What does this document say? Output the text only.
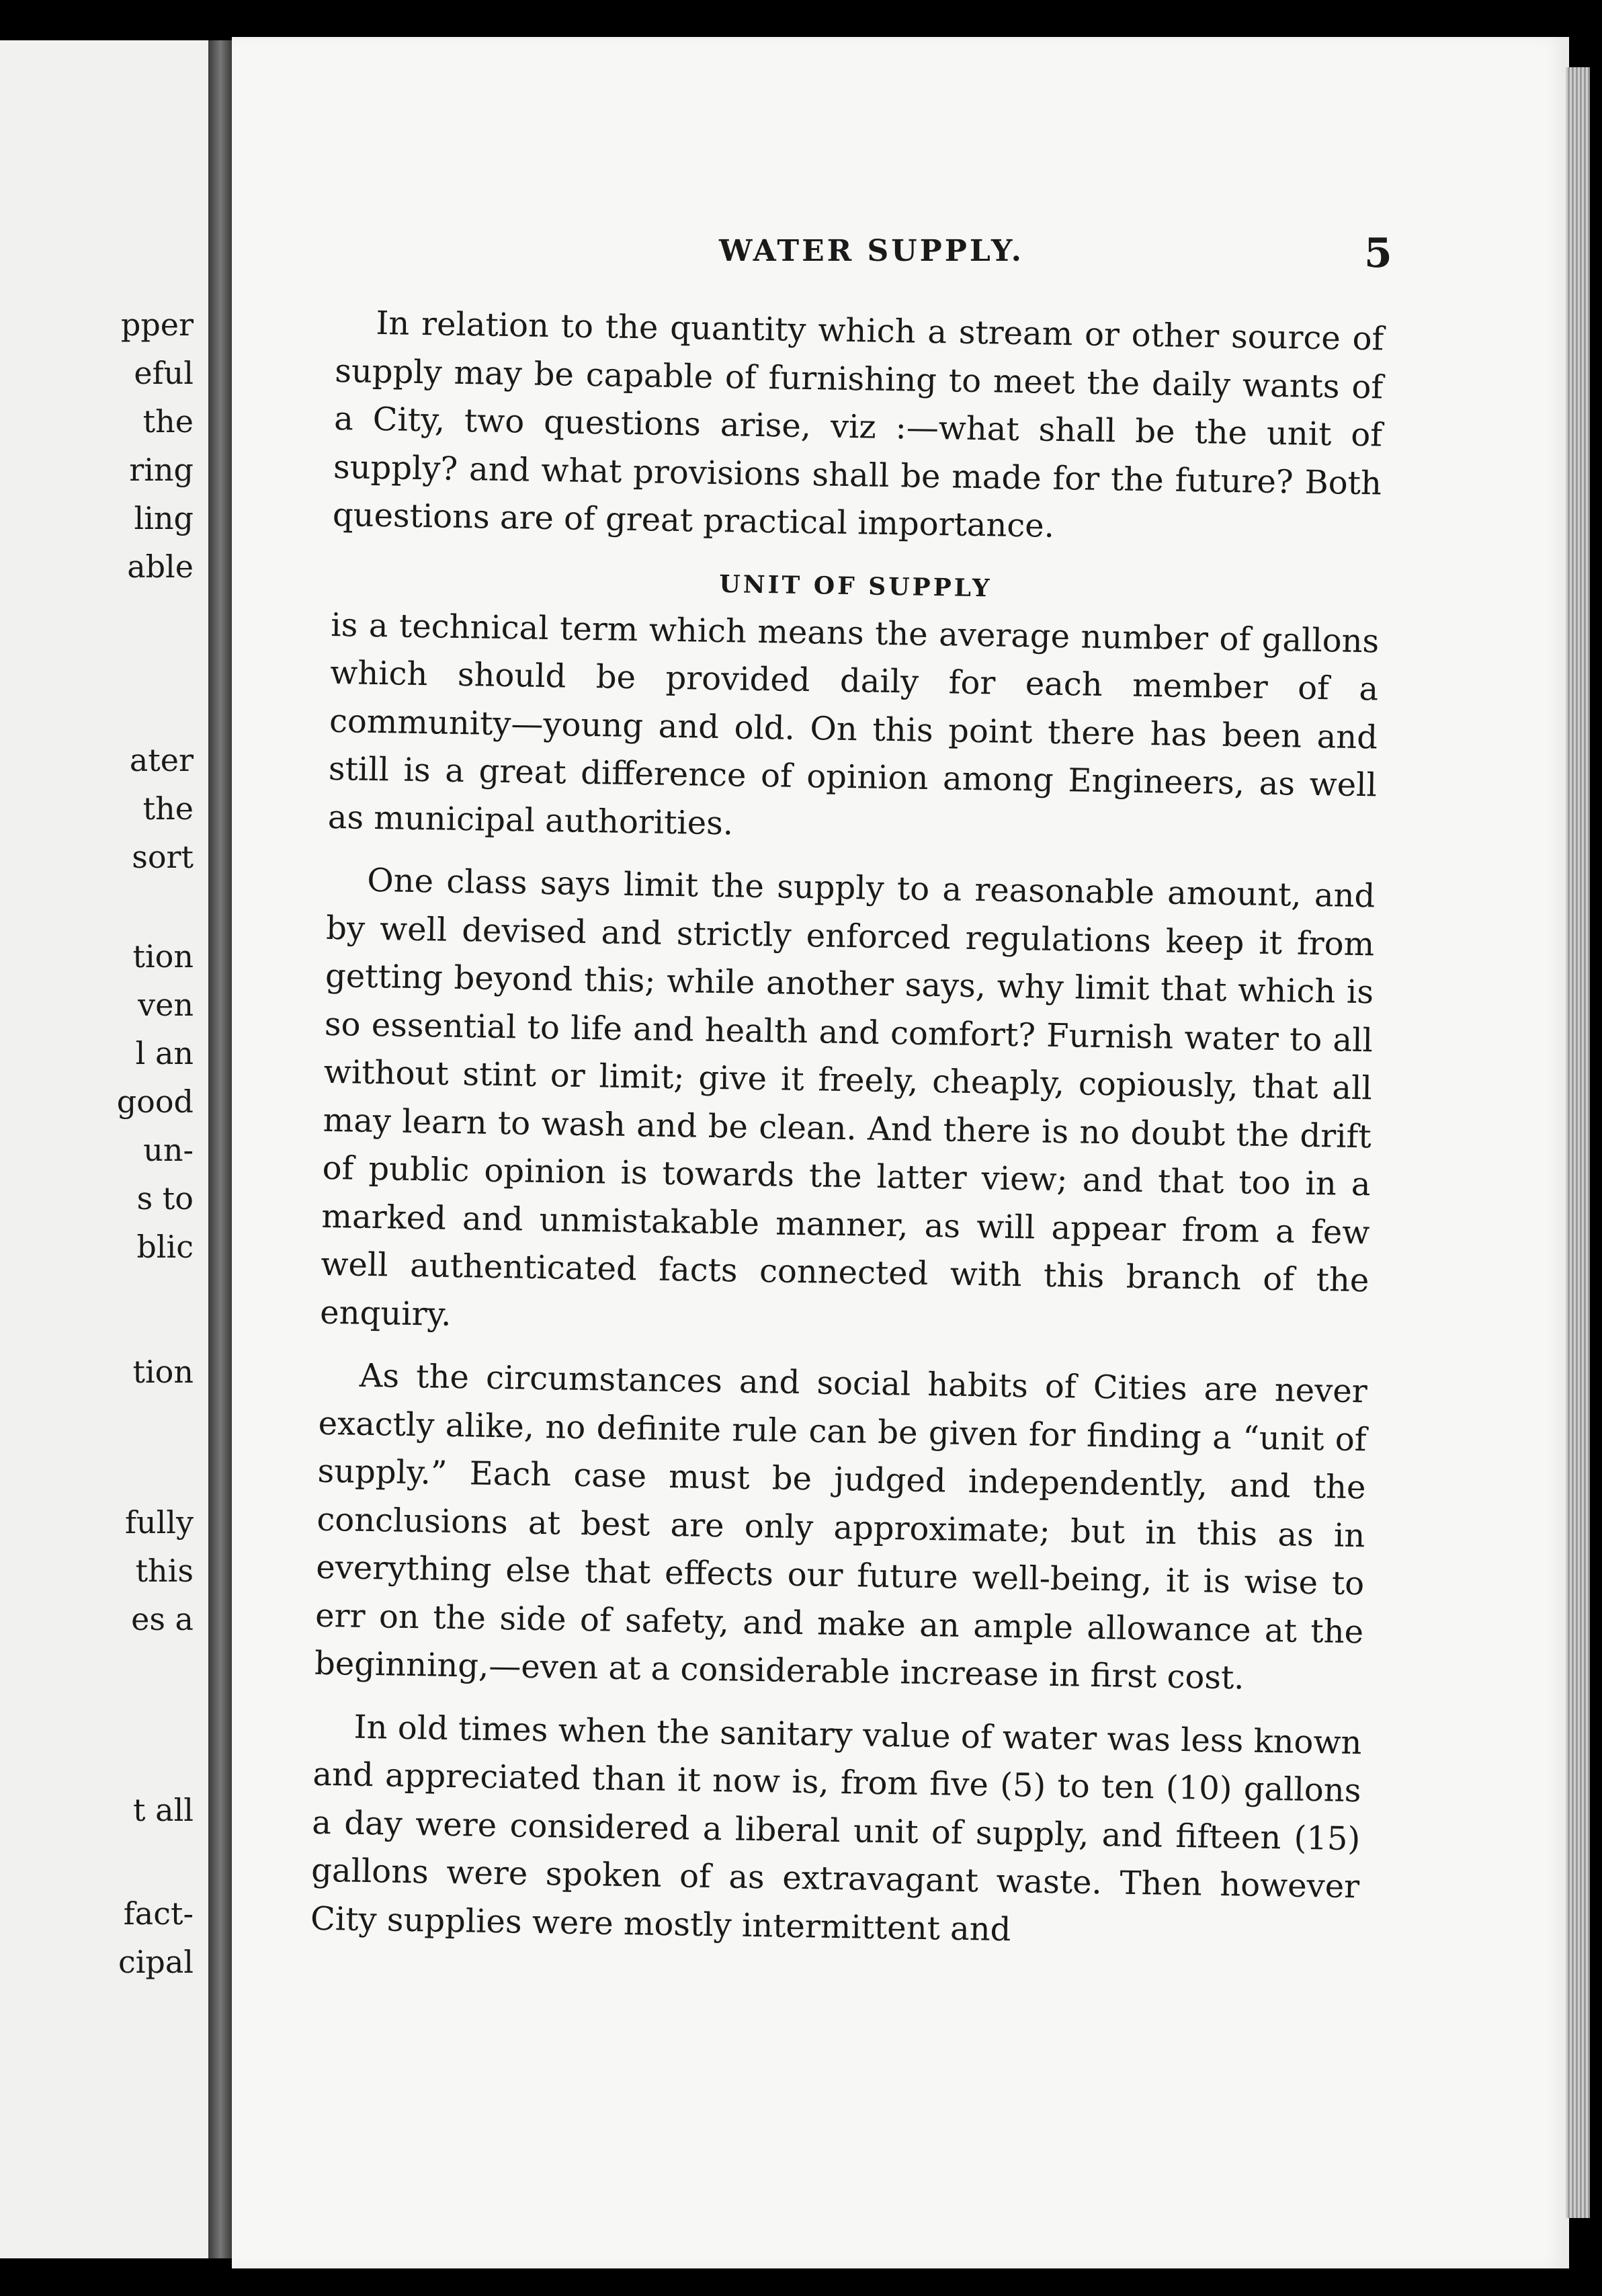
pper
eful
the
ring
ling
able
ater
the
sort
tion
ven
l an
good
un-
s to
blic
tion
fully
this
es a
t all
fact-
cipal
WATER SUPPLY.	5

In relation to the quantity which a stream or other source of supply may be capable of furnishing to meet the daily wants of a City, two questions arise, viz :—what shall be the unit of supply? and what provisions shall be made for the future? Both questions are of great practical importance.

UNIT OF SUPPLY

is a technical term which means the average number of gallons which should be provided daily for each member of a community—young and old. On this point there has been and still is a great difference of opinion among Engineers, as well as municipal authorities.

One class says limit the supply to a reasonable amount, and by well devised and strictly enforced regulations keep it from getting beyond this; while another says, why limit that which is so essential to life and health and comfort? Furnish water to all without stint or limit; give it freely, cheaply, copiously, that all may learn to wash and be clean. And there is no doubt the drift of public opinion is towards the latter view; and that too in a marked and unmistakable manner, as will appear from a few well authenticated facts connected with this branch of the enquiry.

As the circumstances and social habits of Cities are never exactly alike, no definite rule can be given for finding a “unit of supply.” Each case must be judged independently, and the conclusions at best are only approximate; but in this as in everything else that effects our future well-being, it is wise to err on the side of safety, and make an ample allowance at the beginning,—even at a considerable increase in first cost.

In old times when the sanitary value of water was less known and appreciated than it now is, from five (5) to ten (10) gallons a day were considered a liberal unit of supply, and fifteen (15) gallons were spoken of as extravagant waste. Then however City supplies were mostly intermittent and
